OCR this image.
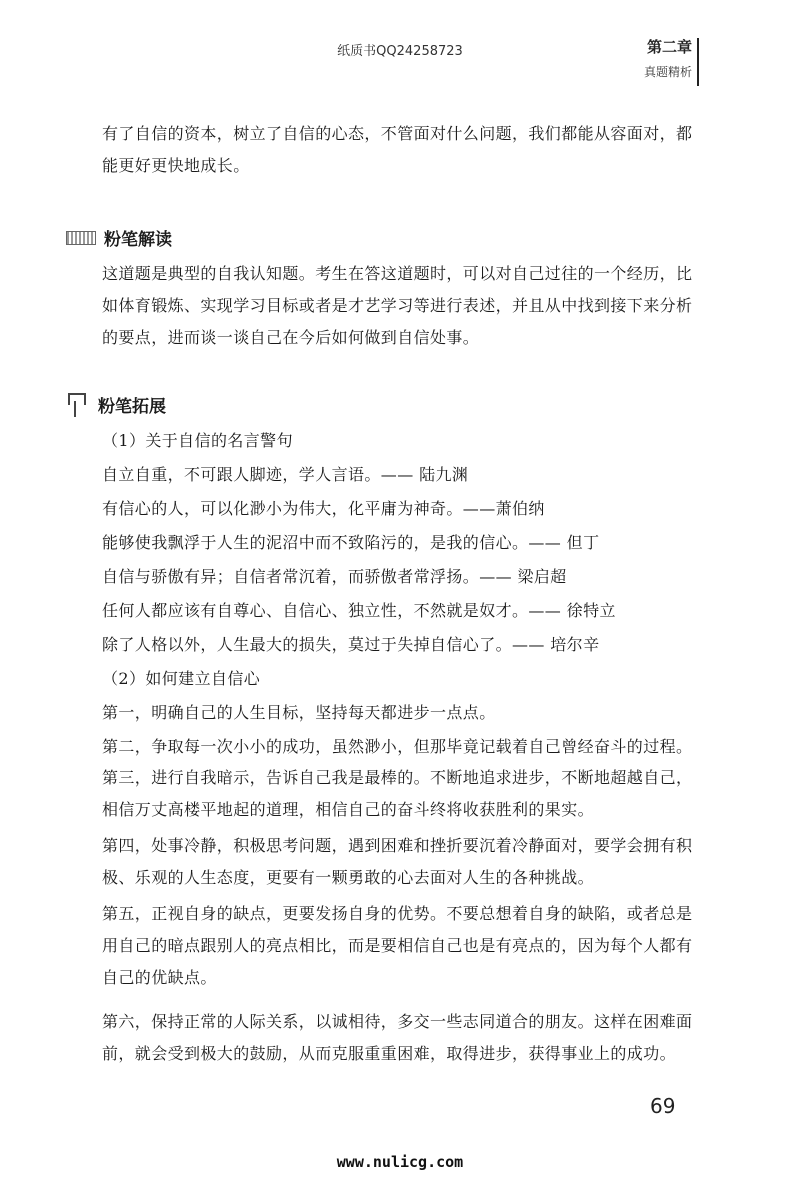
纸质书QQ24258723	第二章
真题精析
有了自信的资本，树立了自信的心态，不管面对什么问题，我们都能从容面对，都能更好更快地成长。
粉笔解读
这道题是典型的自我认知题。考生在答这道题时，可以对自己过往的一个经历，比如体育锻炼、实现学习目标或者是才艺学习等进行表述，并且从中找到接下来分析的要点，进而谈一谈自己在今后如何做到自信处事。
粉笔拓展
（1）关于自信的名言警句
自立自重，不可跟人脚迹，学人言语。—— 陆九渊
有信心的人，可以化渺小为伟大，化平庸为神奇。——萧伯纳
能够使我飘浮于人生的泥沼中而不致陷污的，是我的信心。—— 但丁
自信与骄傲有异；自信者常沉着，而骄傲者常浮扬。—— 梁启超
任何人都应该有自尊心、自信心、独立性，不然就是奴才。—— 徐特立
除了人格以外，人生最大的损失，莫过于失掉自信心了。—— 培尔辛
（2）如何建立自信心
第一，明确自己的人生目标，坚持每天都进步一点点。
第二，争取每一次小小的成功，虽然渺小，但那毕竟记载着自己曾经奋斗的过程。
第三，进行自我暗示，告诉自己我是最棒的。不断地追求进步，不断地超越自己，相信万丈高楼平地起的道理，相信自己的奋斗终将收获胜利的果实。
第四，处事冷静，积极思考问题，遇到困难和挫折要沉着冷静面对，要学会拥有积极、乐观的人生态度，更要有一颗勇敢的心去面对人生的各种挑战。
第五，正视自身的缺点，更要发扬自身的优势。不要总想着自身的缺陷，或者总是用自己的暗点跟别人的亮点相比，而是要相信自己也是有亮点的，因为每个人都有自己的优缺点。
第六，保持正常的人际关系，以诚相待，多交一些志同道合的朋友。这样在困难面前，就会受到极大的鼓励，从而克服重重困难，取得进步，获得事业上的成功。
69
www.nulicg.com
